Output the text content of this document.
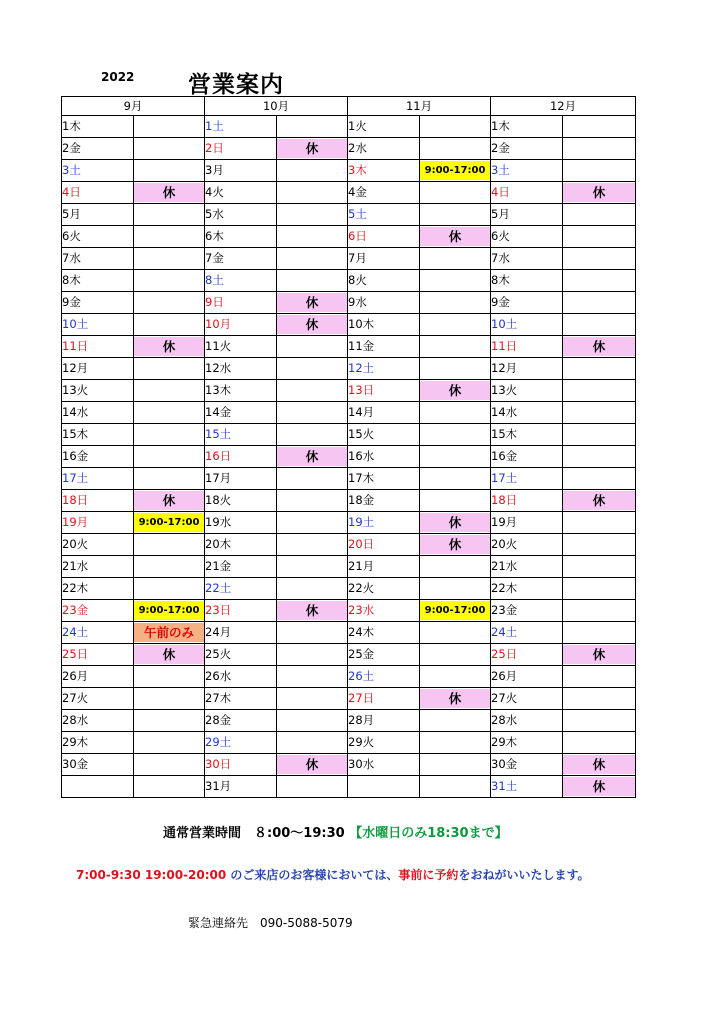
2022 営業案内
9月		10月		11月		12月	
1木		1土		1火		1木	
2金		2日	休	2水		2金	
3土		3月		3木	9:00-17:00	3土	
4日	休	4火		4金		4日	休

5月		5水		5土		5月	
6火		6木		6日	休	6火	
7水		7金		7月		7水	
8木		8土		8火		8木	
9金		9日	休	9水		9金	
10土		10月	休	10木		10土	
11日	休	11火		11金		11日	休

12月		12水		12土		12月	
13火		13木		13日	休	13火	
14水		14金		14月		14水	
15木		15土		15火		15木	
16金		16日	休	16水		16金	
17土		17月		17木		17土	
18日	休	18火		18金		18日	休

19月	9:00-17:00	19水		19土	休	19月	
20火		20木		20日	休	20火	
21水		21金		21月		21水	
22木		22土		22火		22木	
23金	9:00-17:00	23日	休	23水	9:00-17:00	23金	
24土	午前のみ	24月		24木		24土	
25日	休	25火		25金		25日	休

26月		26水		26土		26月	
27火		27木		27日	休	27火	
28水		28金		28月		28水	
29木		29土		29火		29木	
30金		30日	休	30水		30金	休

		31月				31土	休
通常営業時間　８:00～19:30 【水曜日のみ18:30まで】
7:00-9:30 19:00-20:00 のご来店のお客様においては、事前に予約をおねがいいたします。
緊急連絡先　090-5088-5079
